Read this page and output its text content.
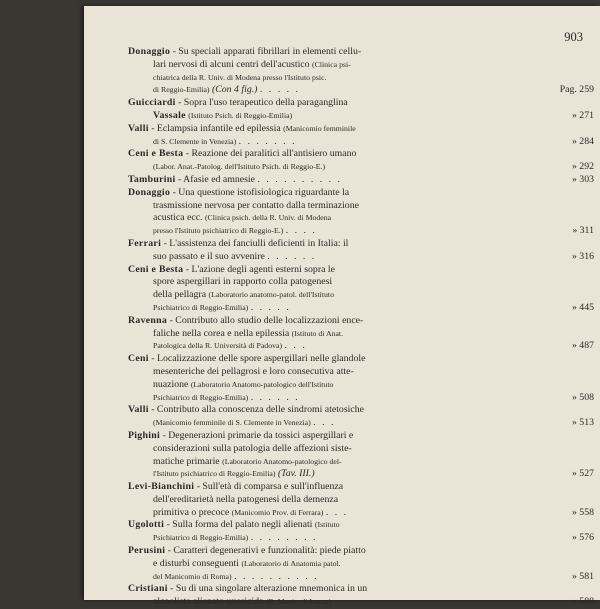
903
Donaggio - Su speciali apparati fibrillari in elementi cellu-
lari nervosi di alcuni centri dell'acustico (Clinica psi-
chiatrica della R. Univ. di Modena presso l'Istituto psic.
di Reggio-Emilia) (Con 4 fig.) . . . . .	Pag. 259
Guicciardi - Sopra l'uso terapeutico della paraganglina
Vassale (Istituto Psich. di Reggio-Emilia)	» 271
Valli - Eclampsia infantile ed epilessia (Manicomio femminile
di S. Clemente in Venezia) . . . . . . .	» 284
Ceni e Besta - Reazione dei paralitici all'antisiero umano
(Labor. Anat.-Patolog. dell'Istituto Psich. di Reggio-E.)	» 292
Tamburini - Afasie ed amnesie . . . . . . . . . .	» 303
Donaggio - Una questione istofisiologica riguardante la
trasmissione nervosa per contatto dalla terminazione
acustica ecc. (Clinica psich. della R. Univ. di Modena
presso l'Istituto psichiatrico di Reggio-E.) . . . .	» 311
Ferrari - L'assistenza dei fanciulli deficienti in Italia: il
suo passato e il suo avvenire . . . . . .	» 316
Ceni e Besta - L'azione degli agenti esterni sopra le
spore aspergillari in rapporto colla patogenesi
della pellagra (Laboratorio anatomo-patol. dell'Istituto
Psichiatrico di Reggio-Emilia) . . . . .	» 445
Ravenna - Contributo allo studio delle localizzazioni ence-
faliche nella corea e nella epilessia (Istituto di Anat.
Patologica della R. Università di Padova) . . .	» 487
Ceni - Localizzazione delle spore aspergillari nelle glandole
mesenteriche dei pellagrosi e loro consecutiva atte-
nuazione (Laboratorio Anatomo-patologico dell'Istituto
Psichiatrico di Reggio-Emilia) . . . . . .	» 508
Valli - Contributo alla conoscenza delle sindromi atetosiche
(Manicomio femminile di S. Clemente in Venezia) . . .	» 513
Pighini - Degenerazioni primarie da tossici aspergillari e
considerazioni sulla patologia delle affezioni siste-
matiche primarie (Laboratorio Anatomo-patologico del-
l'Istituto psichiatrico di Reggio-Emilia) (Tav. III.)	» 527
Levi-Bianchini - Sull'età di comparsa e sull'influenza
dell'ereditarietà nella patogenesi della demenza
primitiva o precoce (Manicomio Prov. di Ferrara) . . .	» 558
Ugolotti - Sulla forma del palato negli alienati (Istituto
Psichiatrico di Reggio-Emilia) . . . . . . . .	» 576
Perusini - Caratteri degenerativi e funzionalità: piede piatto
e disturbi conseguenti (Laboratorio di Anatomia patol.
del Manicomio di Roma) . . . . . . . . . .	» 581
Cristiani - Su di una singolare alterazione mnemonica in un
alcoolista alienato uxoricida (R. Manic. di Lucca) . .	» 588
